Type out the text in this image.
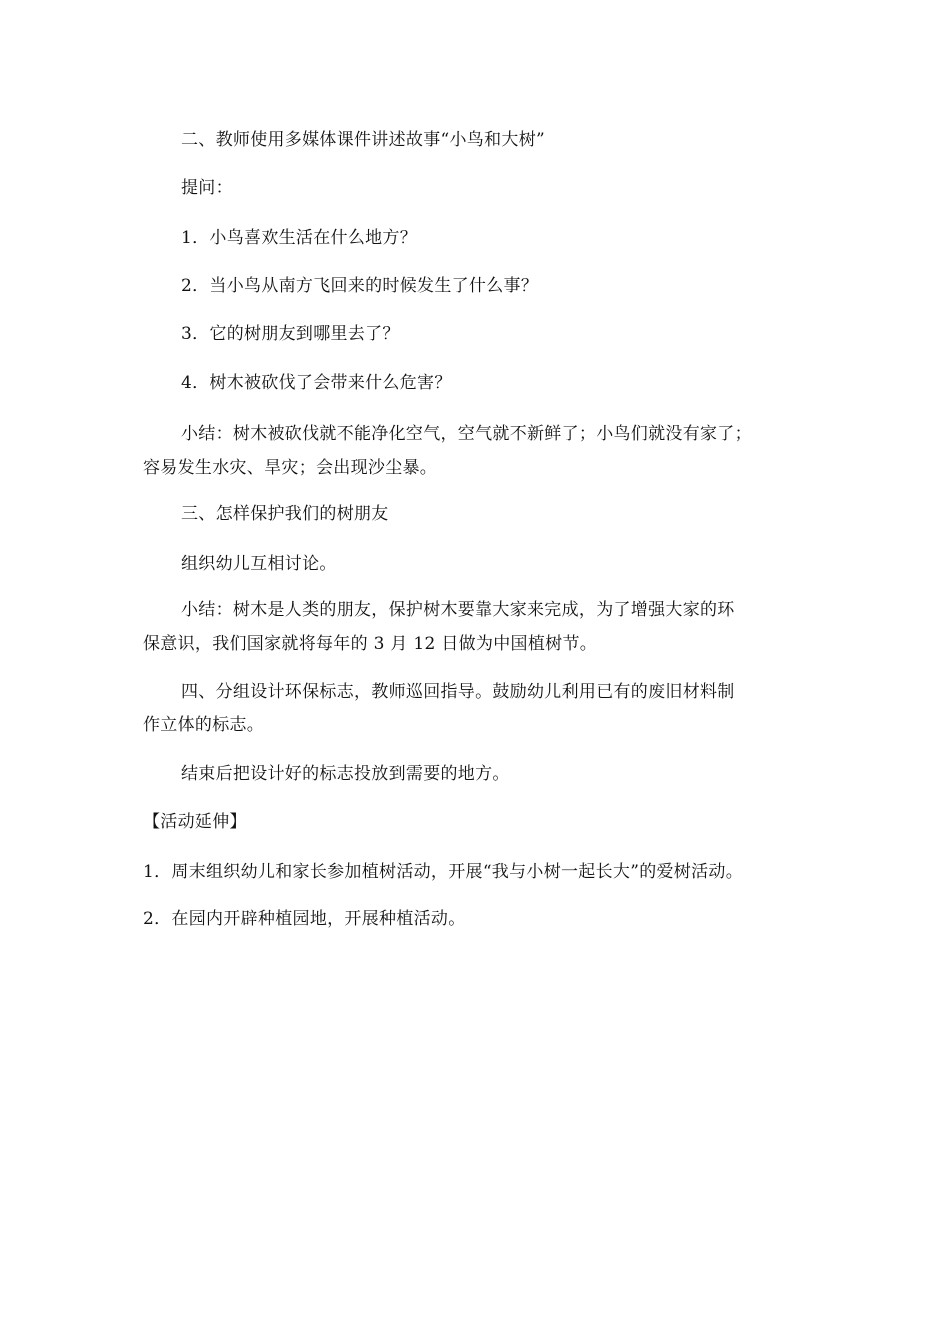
二、教师使用多媒体课件讲述故事“小鸟和大树”
提问：
1．小鸟喜欢生活在什么地方？
2．当小鸟从南方飞回来的时候发生了什么事？
3．它的树朋友到哪里去了？
4．树木被砍伐了会带来什么危害？
小结：树木被砍伐就不能净化空气，空气就不新鲜了；小鸟们就没有家了；
容易发生水灾、旱灾；会出现沙尘暴。
三、怎样保护我们的树朋友
组织幼儿互相讨论。
小结：树木是人类的朋友，保护树木要靠大家来完成，为了增强大家的环
保意识，我们国家就将每年的 3 月 12 日做为中国植树节。
四、分组设计环保标志，教师巡回指导。鼓励幼儿利用已有的废旧材料制
作立体的标志。
结束后把设计好的标志投放到需要的地方。
【活动延伸】
1．周末组织幼儿和家长参加植树活动，开展“我与小树一起长大”的爱树活动。
2．在园内开辟种植园地，开展种植活动。
